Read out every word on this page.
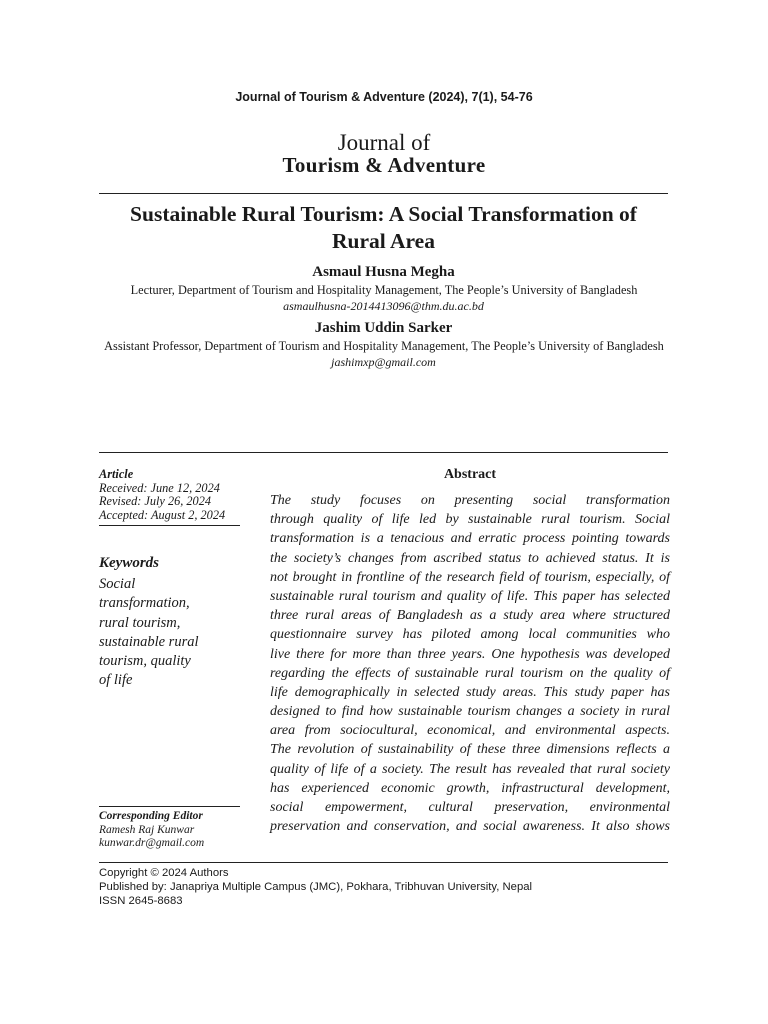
Journal of Tourism & Adventure (2024), 7(1), 54-76
Journal of
Tourism & Adventure
Sustainable Rural Tourism: A Social Transformation of
Rural Area
Asmaul Husna Megha
Lecturer, Department of Tourism and Hospitality Management, The People’s University of Bangladesh
asmaulhusna-2014413096@thm.du.ac.bd
Jashim Uddin Sarker
Assistant Professor, Department of Tourism and Hospitality Management, The People’s University of Bangladesh
jashimxp@gmail.com
Article
Received: June 12, 2024
Revised: July 26, 2024
Accepted: August 2, 2024
Keywords
Social
transformation,
rural tourism,
sustainable rural
tourism, quality
of life
Abstract
The study focuses on presenting social transformation
through quality of life led by sustainable rural tourism. Social
transformation is a tenacious and erratic process pointing towards
the society’s changes from ascribed status to achieved status. It is
not brought in frontline of the research field of tourism, especially, of
sustainable rural tourism and quality of life. This paper has selected
three rural areas of Bangladesh as a study area where structured
questionnaire survey has piloted among local communities who
live there for more than three years. One hypothesis was developed
regarding the effects of sustainable rural tourism on the quality of
life demographically in selected study areas. This study paper has
designed to find how sustainable tourism changes a society in rural
area from sociocultural, economical, and environmental aspects.
The revolution of sustainability of these three dimensions reflects a
quality of life of a society. The result has revealed that rural society
has experienced economic growth, infrastructural development,
social empowerment, cultural preservation, environmental
preservation and conservation, and social awareness. It also shows
Corresponding Editor
Ramesh Raj Kunwar
kunwar.dr@gmail.com
Copyright © 2024 Authors
Published by: Janapriya Multiple Campus (JMC), Pokhara, Tribhuvan University, Nepal
ISSN 2645-8683
